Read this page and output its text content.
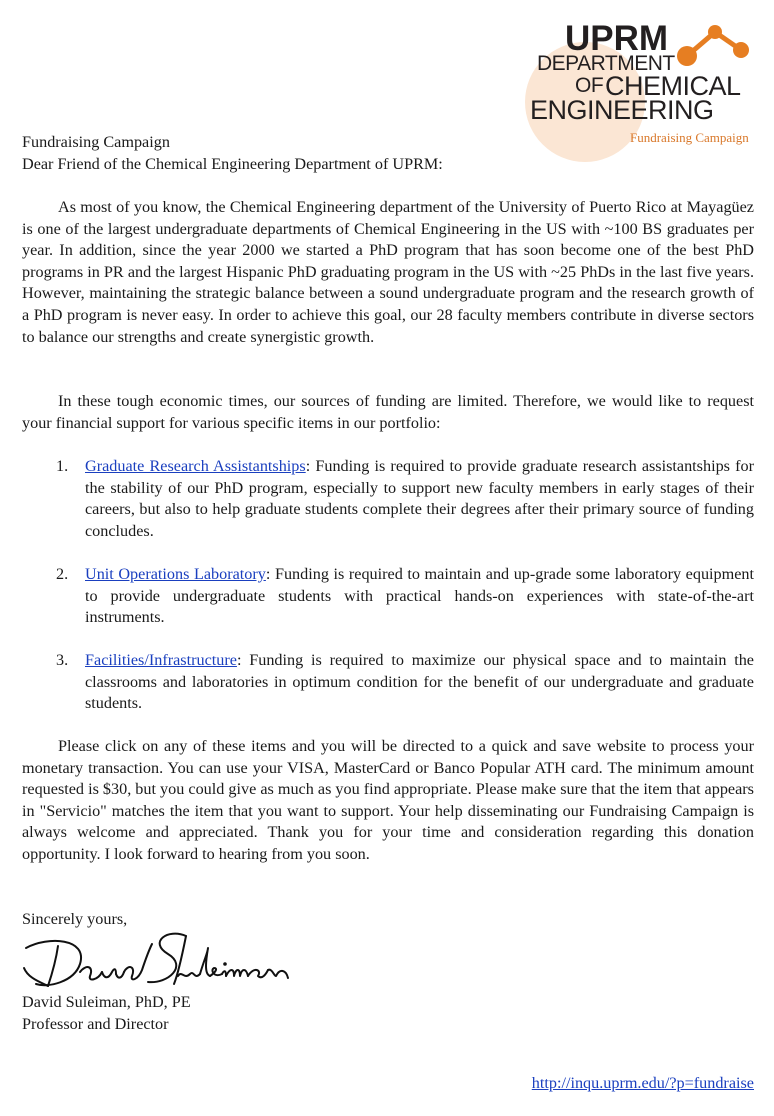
UPRM
DEPARTMENT
OF CHEMICAL
ENGINEERING
Fundraising Campaign
Fundraising Campaign
Dear Friend of the Chemical Engineering Department of UPRM:
As most of you know, the Chemical Engineering department of the University of Puerto Rico at Mayagüez is one of the largest undergraduate departments of Chemical Engineering in the US with ~100 BS graduates per year. In addition, since the year 2000 we started a PhD program that has soon become one of the best PhD programs in PR and the largest Hispanic PhD graduating program in the US with ~25 PhDs in the last five years. However, maintaining the strategic balance between a sound undergraduate program and the research growth of a PhD program is never easy. In order to achieve this goal, our 28 faculty members contribute in diverse sectors to balance our strengths and create synergistic growth.
In these tough economic times, our sources of funding are limited. Therefore, we would like to request your financial support for various specific items in our portfolio:
1. Graduate Research Assistantships: Funding is required to provide graduate research assistantships for the stability of our PhD program, especially to support new faculty members in early stages of their careers, but also to help graduate students complete their degrees after their primary source of funding concludes.
2. Unit Operations Laboratory: Funding is required to maintain and up-grade some laboratory equipment to provide undergraduate students with practical hands-on experiences with state-of-the-art instruments.
3. Facilities/Infrastructure: Funding is required to maximize our physical space and to maintain the classrooms and laboratories in optimum condition for the benefit of our undergraduate and graduate students.
Please click on any of these items and you will be directed to a quick and save website to process your monetary transaction. You can use your VISA, MasterCard or Banco Popular ATH card. The minimum amount requested is $30, but you could give as much as you find appropriate. Please make sure that the item that appears in "Servicio" matches the item that you want to support. Your help disseminating our Fundraising Campaign is always welcome and appreciated. Thank you for your time and consideration regarding this donation opportunity. I look forward to hearing from you soon.
Sincerely yours,
David Suleiman, PhD, PE
Professor and Director
http://inqu.uprm.edu/?p=fundraise
